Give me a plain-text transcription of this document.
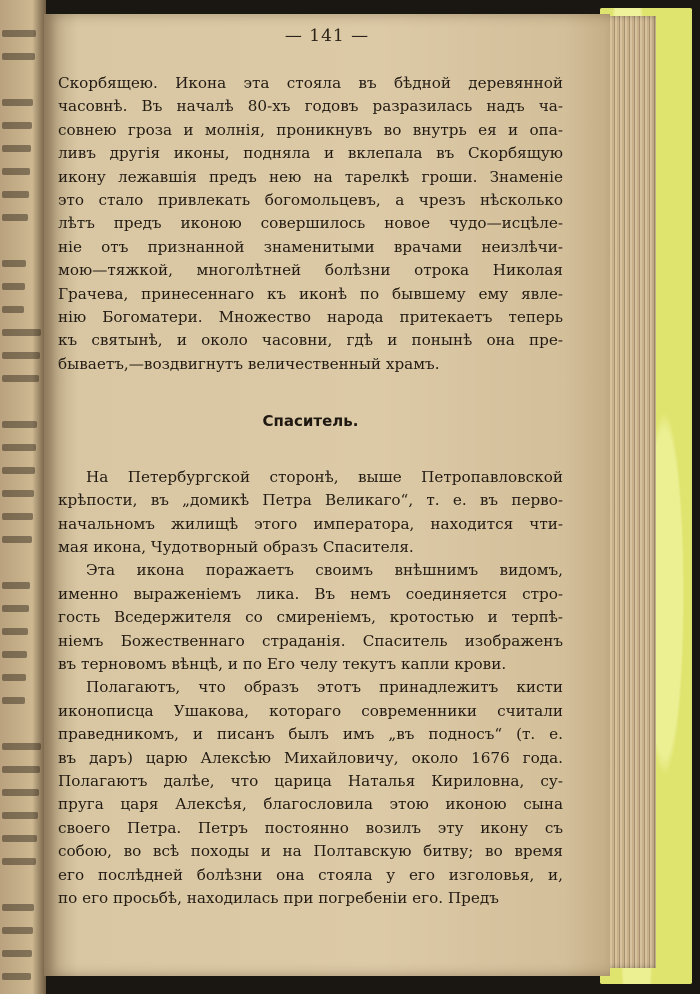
— 141 —
Скорбящею. Икона эта стояла въ бѣдной деревянной
часовнѣ. Въ началѣ 80-хъ годовъ разразилась надъ ча-
совнею гроза и молнія, проникнувъ во внутрь ея и опа-
ливъ другія иконы, подняла и вклепала въ Скорбящую
икону лежавшія предъ нею на тарелкѣ гроши. Знаменіе
это стало привлекать богомольцевъ, а чрезъ нѣсколько
лѣтъ предъ иконою совершилось новое чудо—исцѣле-
ніе отъ признанной знаменитыми врачами неизлѣчи-
мою—тяжкой, многолѣтней болѣзни отрока Николая
Грачева, принесеннаго къ иконѣ по бывшему ему явле-
нію Богоматери. Множество народа притекаетъ теперь
къ святынѣ, и около часовни, гдѣ и понынѣ она пре-
бываетъ,—воздвигнутъ величественный храмъ.
Спаситель.
На Петербургской сторонѣ, выше Петропавловской
крѣпости, въ „домикѣ Петра Великаго“, т. е. въ перво-
начальномъ жилищѣ этого императора, находится чти-
мая икона, Чудотворный образъ Спасителя.
Эта икона поражаетъ своимъ внѣшнимъ видомъ,
именно выраженіемъ лика. Въ немъ соединяется стро-
гость Вседержителя со смиреніемъ, кротостью и терпѣ-
ніемъ Божественнаго страданія. Спаситель изображенъ
въ терновомъ вѣнцѣ, и по Его челу текутъ капли крови.
Полагаютъ, что образъ этотъ принадлежитъ кисти
иконописца Ушакова, котораго современники считали
праведникомъ, и писанъ былъ имъ „въ подносъ“ (т. е.
въ даръ) царю Алексѣю Михайловичу, около 1676 года.
Полагаютъ далѣе, что царица Наталья Кириловна, су-
пруга царя Алексѣя, благословила этою иконою сына
своего Петра. Петръ постоянно возилъ эту икону съ
собою, во всѣ походы и на Полтавскую битву; во время
его послѣдней болѣзни она стояла у его изголовья, и,
по его просьбѣ, находилась при погребеніи его. Предъ
